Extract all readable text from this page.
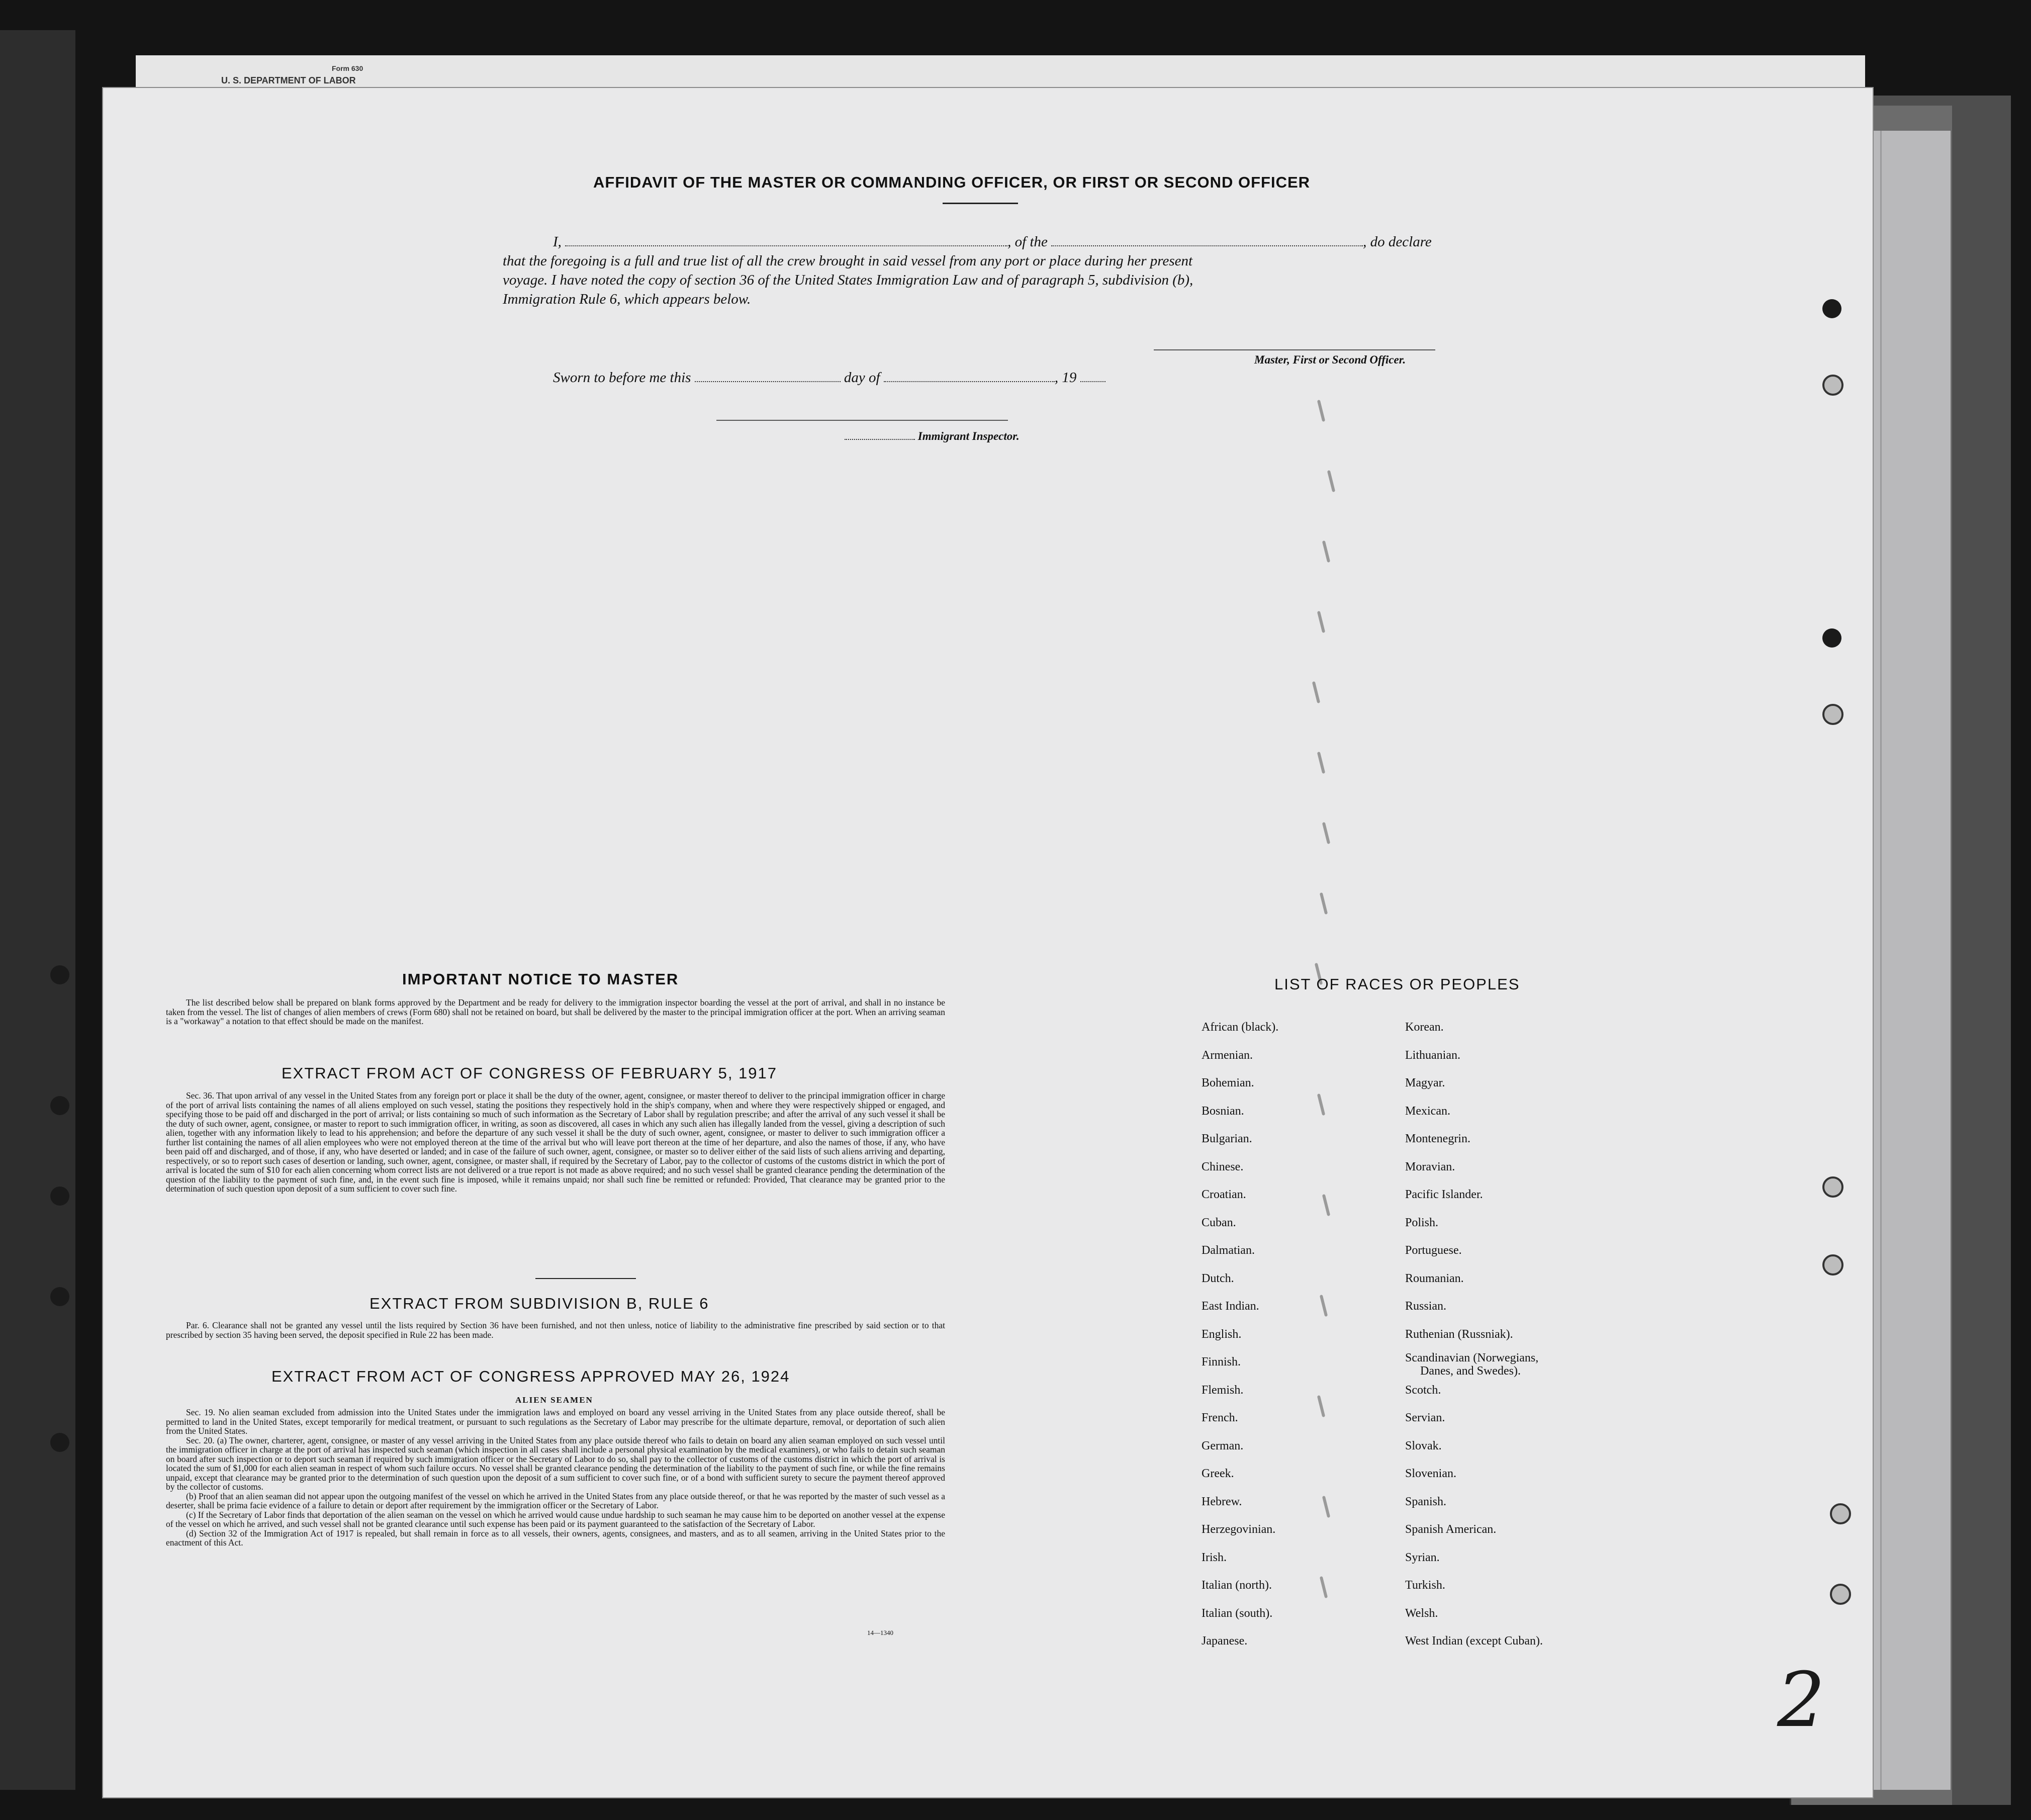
U. S. DEPARTMENT OF LABOR
Form 630
AFFIDAVIT OF THE MASTER OR COMMANDING OFFICER, OR FIRST OR SECOND OFFICER
I,	, of the	, do declare
that the foregoing is a full and true list of all the crew brought in said vessel from any port or place during her present
voyage. I have noted the copy of section 36 of the United States Immigration Law and of paragraph 5, subdivision (b),
Immigration Rule 6, which appears below.
Master, First or Second Officer.
Sworn to before me this	day of	, 19
Immigrant Inspector.
IMPORTANT NOTICE TO MASTER

The list described below shall be prepared on blank forms approved by the Department and be ready for delivery to the immigration inspector boarding the vessel at the port of arrival, and shall in no instance be taken from the vessel. The list of changes of alien members of crews (Form 680) shall not be retained on board, but shall be delivered by the master to the principal immigration officer at the port. When an arriving seaman is a "workaway" a notation to that effect should be made on the manifest.

EXTRACT FROM ACT OF CONGRESS OF FEBRUARY 5, 1917

Sec. 36. That upon arrival of any vessel in the United States from any foreign port or place it shall be the duty of the owner, agent, consignee, or master thereof to deliver to the principal immigration officer in charge of the port of arrival lists containing the names of all aliens employed on such vessel, stating the positions they respectively hold in the ship's company, when and where they were respectively shipped or engaged, and specifying those to be paid off and discharged in the port of arrival; or lists containing so much of such information as the Secretary of Labor shall by regulation prescribe; and after the arrival of any such vessel it shall be the duty of such owner, agent, consignee, or master to report to such immigration officer, in writing, as soon as discovered, all cases in which any such alien has illegally landed from the vessel, giving a description of such alien, together with any information likely to lead to his apprehension; and before the departure of any such vessel it shall be the duty of such owner, agent, consignee, or master to deliver to such immigration officer a further list containing the names of all alien employees who were not employed thereon at the time of the arrival but who will leave port thereon at the time of her departure, and also the names of those, if any, who have been paid off and discharged, and of those, if any, who have deserted or landed; and in case of the failure of such owner, agent, consignee, or master so to deliver either of the said lists of such aliens arriving and departing, respectively, or so to report such cases of desertion or landing, such owner, agent, consignee, or master shall, if required by the Secretary of Labor, pay to the collector of customs of the customs district in which the port of arrival is located the sum of $10 for each alien concerning whom correct lists are not delivered or a true report is not made as above required; and no such vessel shall be granted clearance pending the determination of the question of the liability to the payment of such fine, and, in the event such fine is imposed, while it remains unpaid; nor shall such fine be remitted or refunded: Provided, That clearance may be granted prior to the determination of such question upon deposit of a sum sufficient to cover such fine.

EXTRACT FROM SUBDIVISION B, RULE 6

Par. 6. Clearance shall not be granted any vessel until the lists required by Section 36 have been furnished, and not then unless, notice of liability to the administrative fine prescribed by said section or to that prescribed by section 35 having been served, the deposit specified in Rule 22 has been made.

EXTRACT FROM ACT OF CONGRESS APPROVED MAY 26, 1924
ALIEN SEAMEN

Sec. 19. No alien seaman excluded from admission into the United States under the immigration laws and employed on board any vessel arriving in the United States from any place outside thereof, shall be permitted to land in the United States, except temporarily for medical treatment, or pursuant to such regulations as the Secretary of Labor may prescribe for the ultimate departure, removal, or deportation of such alien from the United States.

Sec. 20. (a) The owner, charterer, agent, consignee, or master of any vessel arriving in the United States from any place outside thereof who fails to detain on board any alien seaman employed on such vessel until the immigration officer in charge at the port of arrival has inspected such seaman (which inspection in all cases shall include a personal physical examination by the medical examiners), or who fails to detain such seaman on board after such inspection or to deport such seaman if required by such immigration officer or the Secretary of Labor to do so, shall pay to the collector of customs of the customs district in which the port of arrival is located the sum of $1,000 for each alien seaman in respect of whom such failure occurs. No vessel shall be granted clearance pending the determination of the liability to the payment of such fine, or while the fine remains unpaid, except that clearance may be granted prior to the determination of such question upon the deposit of a sum sufficient to cover such fine, or of a bond with sufficient surety to secure the payment thereof approved by the collector of customs.

(b) Proof that an alien seaman did not appear upon the outgoing manifest of the vessel on which he arrived in the United States from any place outside thereof, or that he was reported by the master of such vessel as a deserter, shall be prima facie evidence of a failure to detain or deport after requirement by the immigration officer or the Secretary of Labor.

(c) If the Secretary of Labor finds that deportation of the alien seaman on the vessel on which he arrived would cause undue hardship to such seaman he may cause him to be deported on another vessel at the expense of the vessel on which he arrived, and such vessel shall not be granted clearance until such expense has been paid or its payment guaranteed to the satisfaction of the Secretary of Labor.

(d) Section 32 of the Immigration Act of 1917 is repealed, but shall remain in force as to all vessels, their owners, agents, consignees, and masters, and as to all seamen, arriving in the United States prior to the enactment of this Act.

14—1340
LIST OF RACES OR PEOPLES
African (black).
Armenian.
Bohemian.
Bosnian.
Bulgarian.
Chinese.
Croatian.
Cuban.
Dalmatian.
Dutch.
East Indian.
English.
Finnish.
Flemish.
French.
German.
Greek.
Hebrew.
Herzegovinian.
Irish.
Italian (north).
Italian (south).
Japanese.
Korean.
Lithuanian.
Magyar.
Mexican.
Montenegrin.
Moravian.
Pacific Islander.
Polish.
Portuguese.
Roumanian.
Russian.
Ruthenian (Russniak).
Scandinavian (Norwegians,
Danes, and Swedes).
Scotch.
Servian.
Slovak.
Slovenian.
Spanish.
Spanish American.
Syrian.
Turkish.
Welsh.
West Indian (except Cuban).
2
